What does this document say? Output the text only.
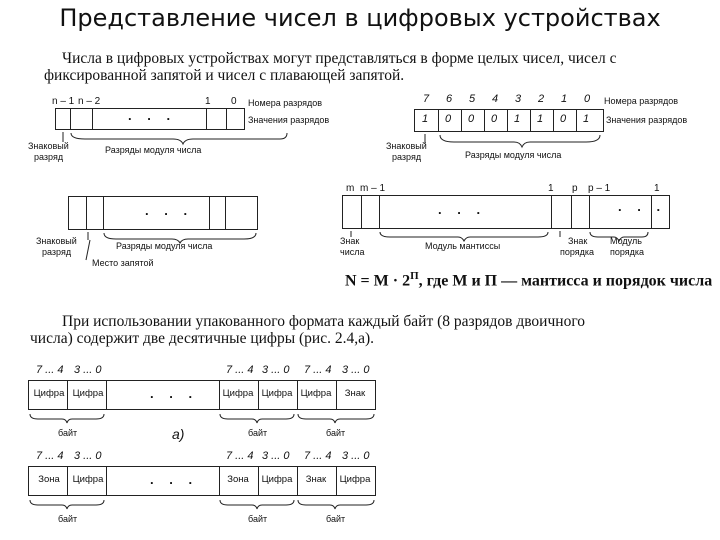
Представление чисел в цифровых устройствах
Числа в цифровых устройствах могут представляться в форме целых чисел, чисел с
фиксированной запятой и чисел с плавающей запятой.
n – 1 n – 2	1 0
. . .
Номера разрядов
Значения разрядов
Знаковый
разряд
Разряды модуля числа
7 6 5 4 3 2 1 0 Номера разрядов
1 0 0 0 1 1 0 1 Значения разрядов
Знаковый
разряд	Разряды модуля числа
. . .
Знаковый
разряд
Разряды модуля числа
Место запятой
m m – 1	1 p p – 1	1
. . .	. . .
Знак
числа
Модуль мантиссы	Знак
порядка
Модуль
порядка
$N = M \cdot 2^П$, где M и П — мантисса и порядок числа
При использовании упакованного формата каждый байт (8 разрядов двоичного
числа) содержит две десятичные цифры (рис. 2.4,а).
7 ... 4 3 ... 0	7 ... 4 3 ... 0 7 ... 4 3 ... 0
Цифра Цифра	. . .	Цифра Цифра Цифра	Знак
байт	а)	байт	байт
7 ... 4 3 ... 0	7 ... 4 3 ... 0 7 ... 4 3 ... 0
Зона	Цифра	. . .	Зона	Цифра	Знак	Цифра
байт	байт	байт
